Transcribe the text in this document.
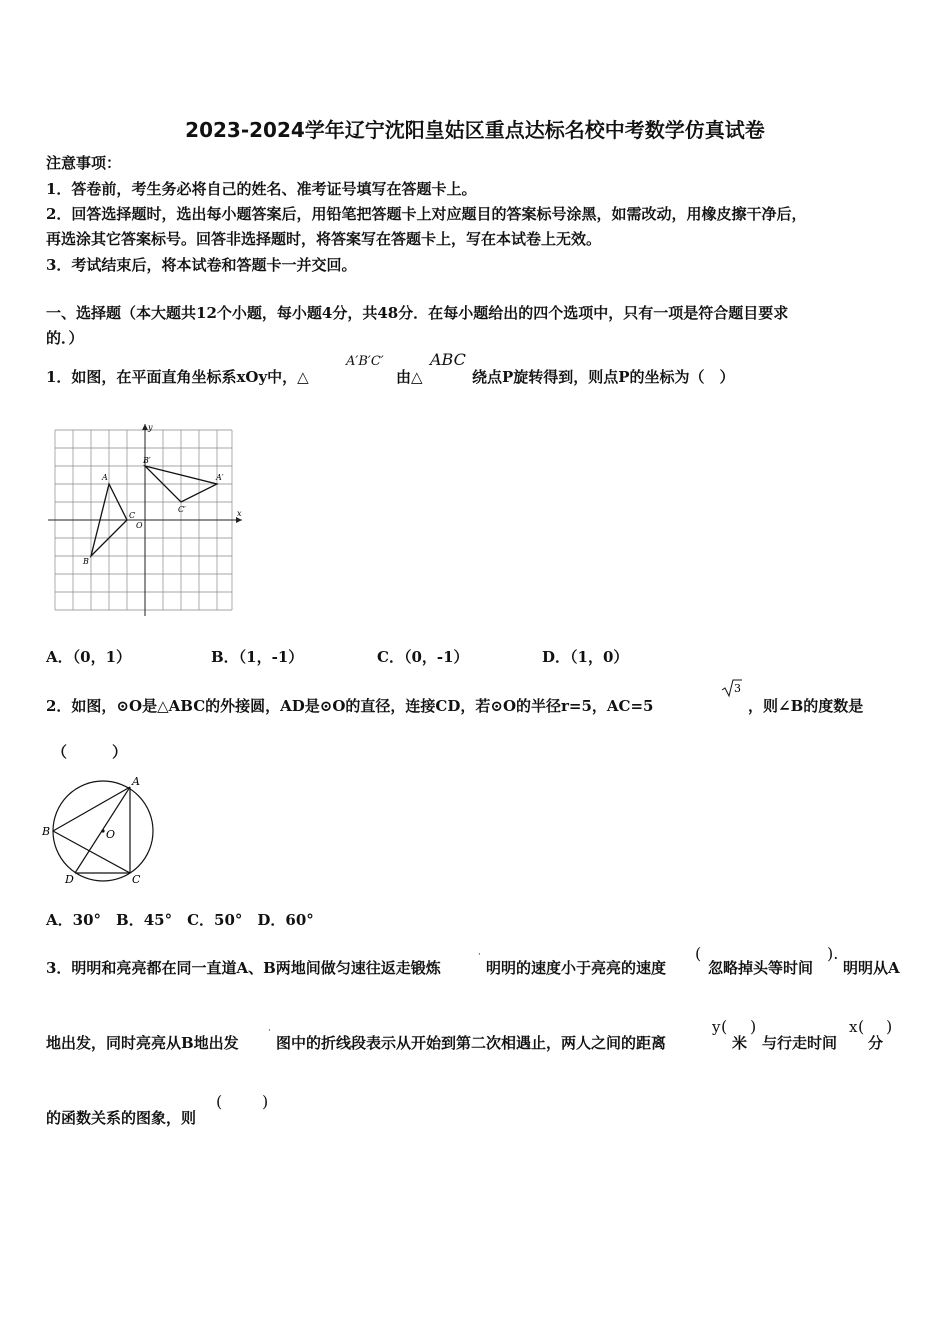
2023-2024学年辽宁沈阳皇姑区重点达标名校中考数学仿真试卷
注意事项：
1．答卷前，考生务必将自己的姓名、准考证号填写在答题卡上。
2．回答选择题时，选出每小题答案后，用铅笔把答题卡上对应题目的答案标号涂黑，如需改动，用橡皮擦干净后，
再选涂其它答案标号。回答非选择题时，将答案写在答题卡上，写在本试卷上无效。
3．考试结束后，将本试卷和答题卡一并交回。
一、选择题（本大题共12个小题，每小题4分，共48分．在每小题给出的四个选项中，只有一项是符合题目要求
的．）
1．如图，在平面直角坐标系xOy中，△
A′B′C′
由△
ABC
绕点P旋转得到，则点P的坐标为（　）
A
B
C
O
A′
B′
C′	x
y
A．（0，1）	B．（1，-1）	C．（0，-1）	D．（1，0）
2．如图，⊙O是△ABC的外接圆，AD是⊙O的直径，连接CD，若⊙O的半径r=5，AC=5
3
，则∠B的度数是
（　　　）
A
B
C
D
O
A．30°　B．45°　C．50°　D．60°
3．明明和亮亮都在同一直道A、B两地间做匀速往返走锻炼
·
明明的速度小于亮亮的速度
(
忽略掉头等时间
).
明明从A
地出发，同时亮亮从B地出发
·
图中的折线段表示从开始到第二次相遇止，两人之间的距离
y (
米
)
与行走时间
x (
分
)
的函数关系的图象，则
( )
